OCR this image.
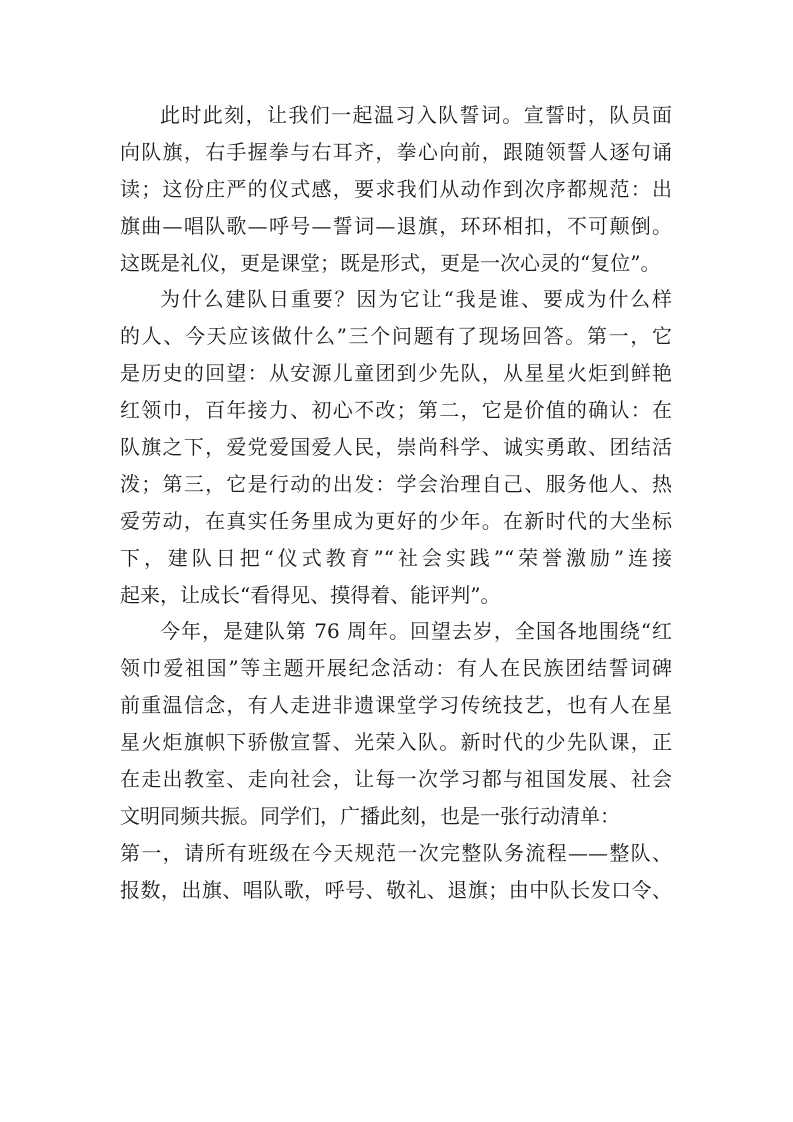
此时此刻，让我们一起温习入队誓词。宣誓时，队员面
向队旗，右手握拳与右耳齐，拳心向前，跟随领誓人逐句诵
读；这份庄严的仪式感，要求我们从动作到次序都规范：出
旗曲—唱队歌—呼号—誓词—退旗，环环相扣，不可颠倒。
这既是礼仪，更是课堂；既是形式，更是一次心灵的“复位”。
为什么建队日重要？因为它让“我是谁、要成为什么样
的人、今天应该做什么”三个问题有了现场回答。第一，它
是历史的回望：从安源儿童团到少先队，从星星火炬到鲜艳
红领巾，百年接力、初心不改；第二，它是价值的确认：在
队旗之下，爱党爱国爱人民，崇尚科学、诚实勇敢、团结活
泼；第三，它是行动的出发：学会治理自己、服务他人、热
爱劳动，在真实任务里成为更好的少年。在新时代的大坐标
下，建队日把“仪式教育”“社会实践”“荣誉激励”连接
起来，让成长“看得见、摸得着、能评判”。
今年，是建队第 76 周年。回望去岁，全国各地围绕“红
领巾爱祖国”等主题开展纪念活动：有人在民族团结誓词碑
前重温信念，有人走进非遗课堂学习传统技艺，也有人在星
星火炬旗帜下骄傲宣誓、光荣入队。新时代的少先队课，正
在走出教室、走向社会，让每一次学习都与祖国发展、社会
文明同频共振。同学们，广播此刻，也是一张行动清单：
第一，请所有班级在今天规范一次完整队务流程——整队、
报数，出旗、唱队歌，呼号、敬礼、退旗；由中队长发口令、
